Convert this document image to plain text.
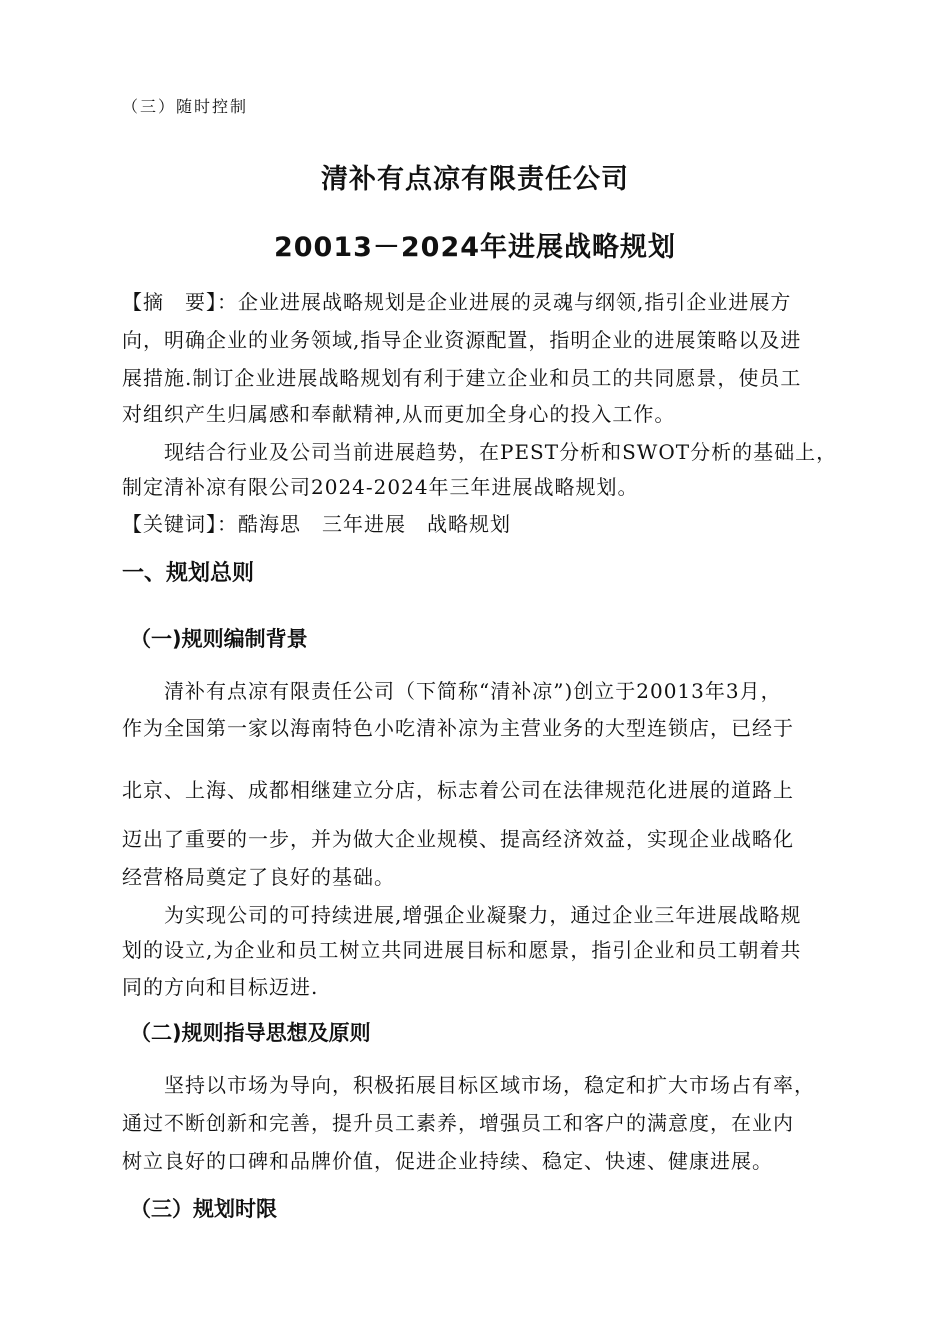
（三）随时控制
清补有点凉有限责任公司
20013－2024年进展战略规划
【摘　要】：企业进展战略规划是企业进展的灵魂与纲领,指引企业进展方
向，明确企业的业务领域,指导企业资源配置，指明企业的进展策略以及进
展措施.制订企业进展战略规划有利于建立企业和员工的共同愿景，使员工
对组织产生归属感和奉献精神,从而更加全身心的投入工作。
　　现结合行业及公司当前进展趋势，在PEST分析和SWOT分析的基础上，
制定清补凉有限公司2024-2024年三年进展战略规划。
【关键词】：酷海思　三年进展　战略规划
一、规划总则
（一)规则编制背景
　　清补有点凉有限责任公司（下简称“清补凉”)创立于20013年3月，
作为全国第一家以海南特色小吃清补凉为主营业务的大型连锁店，已经于
北京、上海、成都相继建立分店，标志着公司在法律规范化进展的道路上
迈出了重要的一步，并为做大企业规模、提高经济效益，实现企业战略化
经营格局奠定了良好的基础。
　　为实现公司的可持续进展,增强企业凝聚力，通过企业三年进展战略规
划的设立,为企业和员工树立共同进展目标和愿景，指引企业和员工朝着共
同的方向和目标迈进.
（二)规则指导思想及原则
　　坚持以市场为导向，积极拓展目标区域市场，稳定和扩大市场占有率，
通过不断创新和完善，提升员工素养，增强员工和客户的满意度，在业内
树立良好的口碑和品牌价值，促进企业持续、稳定、快速、健康进展。
（三）规划时限
